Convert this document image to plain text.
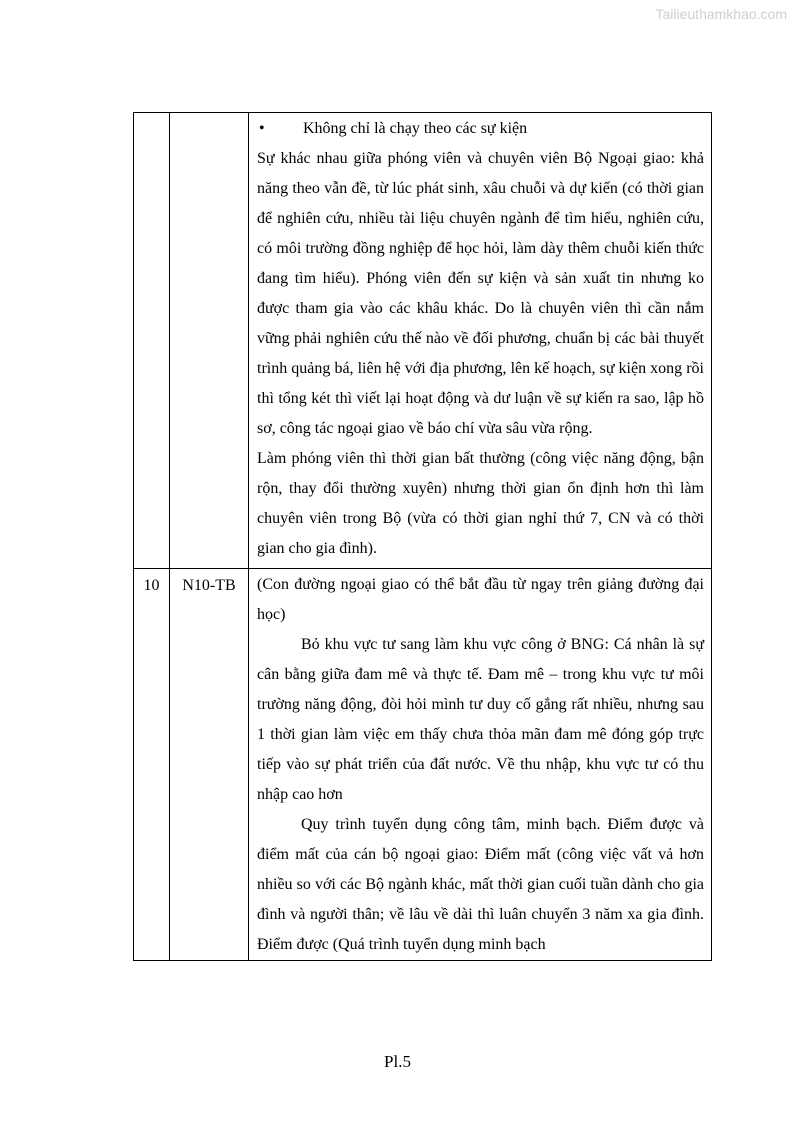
Tailieuthamkhao.com

		• Không chỉ là chạy theo các sự kiện

Sự khác nhau giữa phóng viên và chuyên viên Bộ Ngoại giao: khả năng theo vẫn đề, từ lúc phát sinh, xâu chuỗi và dự kiến (có thời gian để nghiên cứu, nhiều tài liệu chuyên ngành để tìm hiểu, nghiên cứu, có môi trường đồng nghiệp để học hỏi, làm dày thêm chuỗi kiến thức đang tìm hiểu). Phóng viên đến sự kiện và sản xuất tin nhưng ko được tham gia vào các khâu khác. Do là chuyên viên thì cần nắm vững phải nghiên cứu thế nào về đối phương, chuẩn bị các bài thuyết trình quảng bá, liên hệ với địa phương, lên kế hoạch, sự kiện xong rồi thì tổng két thì viết lại hoạt động và dư luận về sự kiến ra sao, lập hồ sơ, công tác ngoại giao về báo chí vừa sâu vừa rộng.

Làm phóng viên thì thời gian bất thường (công việc năng động, bận rộn, thay đổi thường xuyên) nhưng thời gian ổn định hơn thì làm chuyên viên trong Bộ (vừa có thời gian nghỉ thứ 7, CN và có thời gian cho gia đình).

10	N10-TB	(Con đường ngoại giao có thể bắt đầu từ ngay trên giảng đường đại học)

Bỏ khu vực tư sang làm khu vực công ở BNG: Cá nhân là sự cân bằng giữa đam mê và thực tế. Đam mê – trong khu vực tư môi trường năng động, đòi hỏi mình tư duy cố gắng rất nhiều, nhưng sau 1 thời gian làm việc em thấy chưa thỏa mãn đam mê đóng góp trực tiếp vào sự phát triển của đất nước. Về thu nhập, khu vực tư có thu nhập cao hơn

Quy trình tuyển dụng công tâm, minh bạch. Điểm được và điểm mất của cán bộ ngoại giao: Điểm mất (công việc vất vả hơn nhiều so với các Bộ ngành khác, mất thời gian cuối tuần dành cho gia đình và người thân; về lâu về dài thì luân chuyển 3 năm xa gia đình. Điểm được (Quá trình tuyển dụng minh bạch

Pl.5
